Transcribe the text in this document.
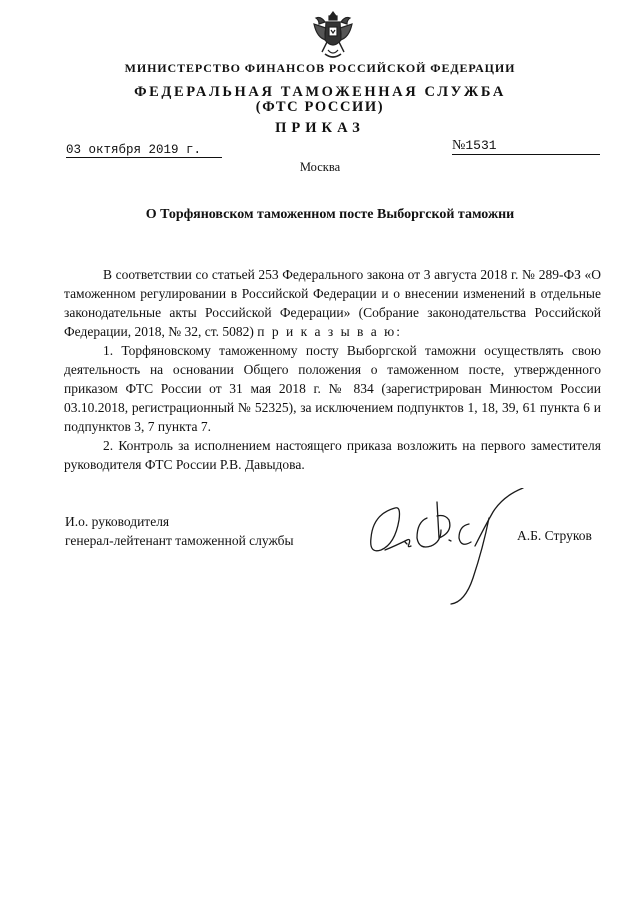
МИНИСТЕРСТВО ФИНАНСОВ РОССИЙСКОЙ ФЕДЕРАЦИИ
ФЕДЕРАЛЬНАЯ ТАМОЖЕННАЯ СЛУЖБА
(ФТС РОССИИ)
ПРИКАЗ
03 октября 2019 г.	№1531
Москва
О Торфяновском таможенном посте Выборгской таможни

В соответствии со статьей 253 Федерального закона от 3 августа 2018 г. № 289-ФЗ «О таможенном регулировании в Российской Федерации и о внесении изменений в отдельные законодательные акты Российской Федерации» (Собрание законодательства Российской Федерации, 2018, № 32, ст. 5082) п р и к а з ы в а ю:

1. Торфяновскому таможенному посту Выборгской таможни осуществлять свою деятельность на основании Общего положения о таможенном посте, утвержденного приказом ФТС России от 31 мая 2018 г. № 834 (зарегистрирован Минюстом России 03.10.2018, регистрационный № 52325), за исключением подпунктов 1, 18, 39, 61 пункта 6 и подпунктов 3, 7 пункта 7.

2. Контроль за исполнением настоящего приказа возложить на первого заместителя руководителя ФТС России Р.В. Давыдова.

И.о. руководителя
генерал-лейтенант таможенной службы	А.Б. Струков
